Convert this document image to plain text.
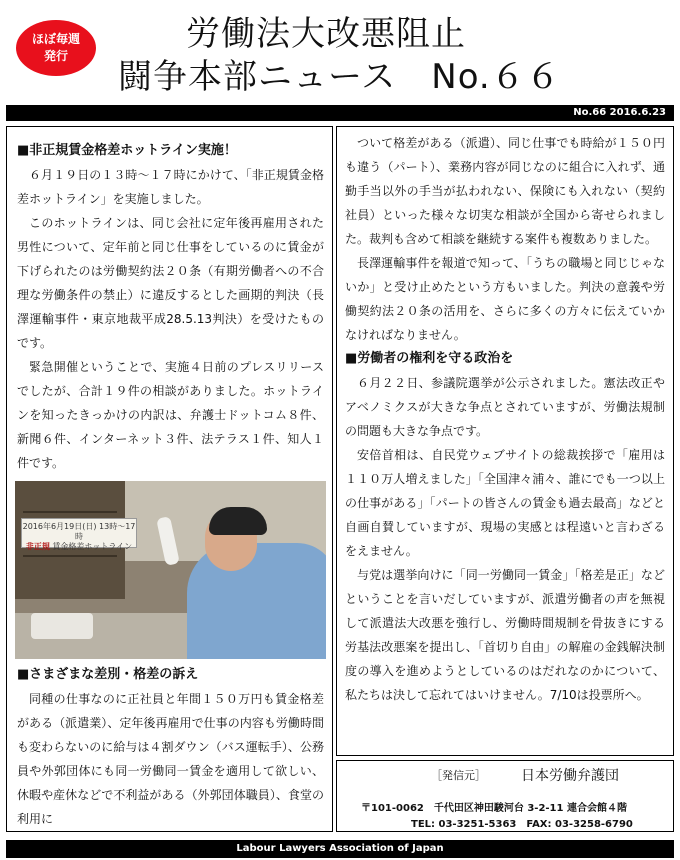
ほぼ毎週
発行
労働法大改悪阻止
闘争本部ニュース　No.６６
No.66 2016.6.23
■非正規賃金格差ホットライン実施！

６月１９日の１３時〜１７時にかけて、「非正規賃金格差ホットライン」を実施しました。

このホットラインは、同じ会社に定年後再雇用された男性について、定年前と同じ仕事をしているのに賃金が下げられたのは労働契約法２０条（有期労働者への不合理な労働条件の禁止）に違反するとした画期的判決（長澤運輸事件・東京地裁平成28.5.13判決）を受けたものです。

緊急開催ということで、実施４日前のプレスリリースでしたが、合計１９件の相談がありました。ホットラインを知ったきっかけの内訳は、弁護士ドットコム８件、新聞６件、インターネット３件、法テラス１件、知人１件です。

2016年6月19日(日) 13時〜17時
非正規 賃金格差ホットライン
■さまざまな差別・格差の訴え

同種の仕事なのに正社員と年間１５０万円も賃金格差がある（派遣業）、定年後再雇用で仕事の内容も労働時間も変わらないのに給与は４割ダウン（バス運転手）、公務員や外郭団体にも同一労働同一賃金を適用して欲しい、休暇や産休などで不利益がある（外郭団体職員）、食堂の利用に

ついて格差がある（派遣）、同じ仕事でも時給が１５０円も違う（パート）、業務内容が同じなのに組合に入れず、通勤手当以外の手当が払われない、保険にも入れない（契約社員）といった様々な切実な相談が全国から寄せられました。裁判も含めて相談を継続する案件も複数ありました。

長澤運輸事件を報道で知って、「うちの職場と同じじゃないか」と受け止めたという方もいました。判決の意義や労働契約法２０条の活用を、さらに多くの方々に伝えていかなければなりません。

■労働者の権利を守る政治を

６月２２日、参議院選挙が公示されました。憲法改正やアベノミクスが大きな争点とされていますが、労働法規制の問題も大きな争点です。

安倍首相は、自民党ウェブサイトの総裁挨拶で「雇用は１１０万人増えました」「全国津々浦々、誰にでも一つ以上の仕事がある」「パートの皆さんの賃金も過去最高」などと自画自賛していますが、現場の実感とは程遠いと言わざるをえません。

与党は選挙向けに「同一労働同一賃金」「格差是正」などということを言いだしていますが、派遣労働者の声を無視して派遣法大改悪を強行し、労働時間規制を骨抜きにする労基法改悪案を提出し、「首切り自由」の解雇の金銭解決制度の導入を進めようとしているのはだれなのかについて、私たちは決して忘れてはいけません。7/10は投票所へ。

［発信元］	日本労働弁護団
〒101-0062　千代田区神田駿河台 3-2-11 連合会館４階
TEL: 03-3251-5363　FAX: 03-3258-6790
Labour Lawyers Association of Japan
